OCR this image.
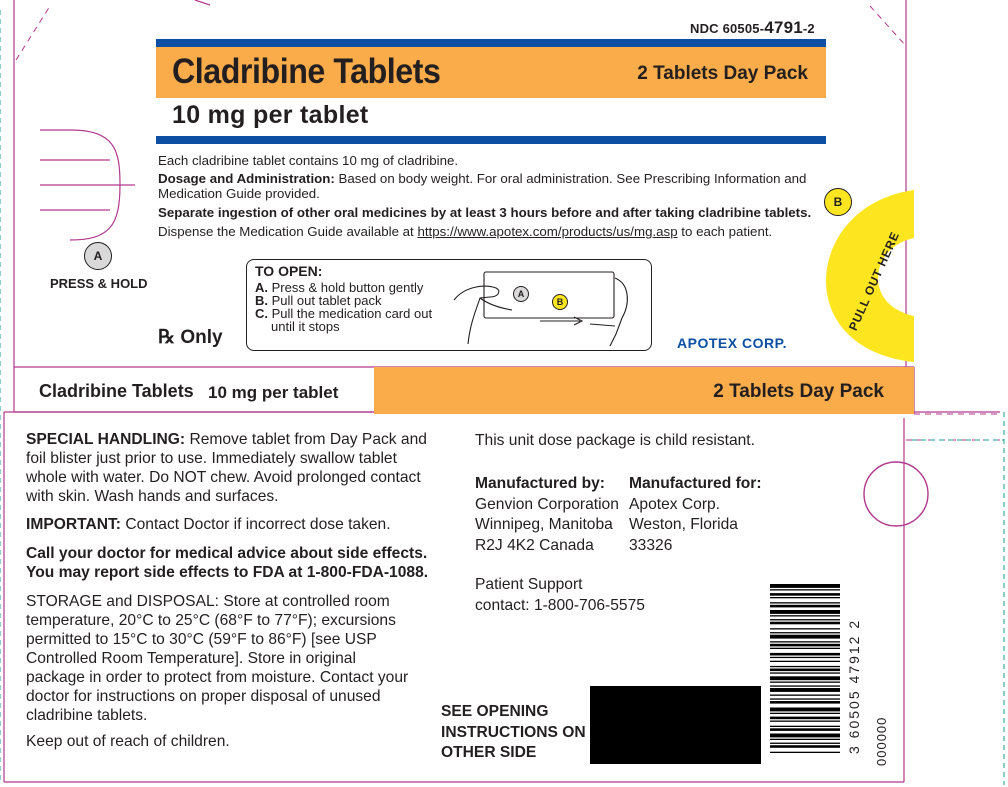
NDC 60505-4791-2
Cladribine Tablets	2 Tablets Day Pack
10 mg per tablet
Each cladribine tablet contains 10 mg of cladribine.
Dosage and Administration: Based on body weight. For oral administration. See Prescribing Information and
Medication Guide provided.
Separate ingestion of other oral medicines by at least 3 hours before and after taking cladribine tablets.
Dispense the Medication Guide available at https://www.apotex.com/products/us/mg.asp to each patient.
A
PRESS & HOLD
B
PULL OUT HERE
TO OPEN:
A. Press & hold button gently
B. Pull out tablet pack
C. Pull the medication card out
until it stops
A
B
℞ Only	APOTEX CORP.
Cladribine Tablets 10 mg per tablet	2 Tablets Day Pack
SPECIAL HANDLING: Remove tablet from Day Pack and
foil blister just prior to use. Immediately swallow tablet
whole with water. Do NOT chew. Avoid prolonged contact
with skin. Wash hands and surfaces.
IMPORTANT: Contact Doctor if incorrect dose taken.
Call your doctor for medical advice about side effects.
You may report side effects to FDA at 1-800-FDA-1088.
STORAGE and DISPOSAL: Store at controlled room
temperature, 20°C to 25°C (68°F to 77°F); excursions
permitted to 15°C to 30°C (59°F to 86°F) [see USP
Controlled Room Temperature]. Store in original
package in order to protect from moisture. Contact your
doctor for instructions on proper disposal of unused
cladribine tablets.
Keep out of reach of children.
This unit dose package is child resistant.
Manufactured by:
Genvion Corporation
Winnipeg, Manitoba
R2J 4K2 Canada
Manufactured for:
Apotex Corp.
Weston, Florida
33326
Patient Support
contact: 1-800-706-5575
SEE OPENING
INSTRUCTIONS ON
OTHER SIDE	3 60505 47912 2 000000
